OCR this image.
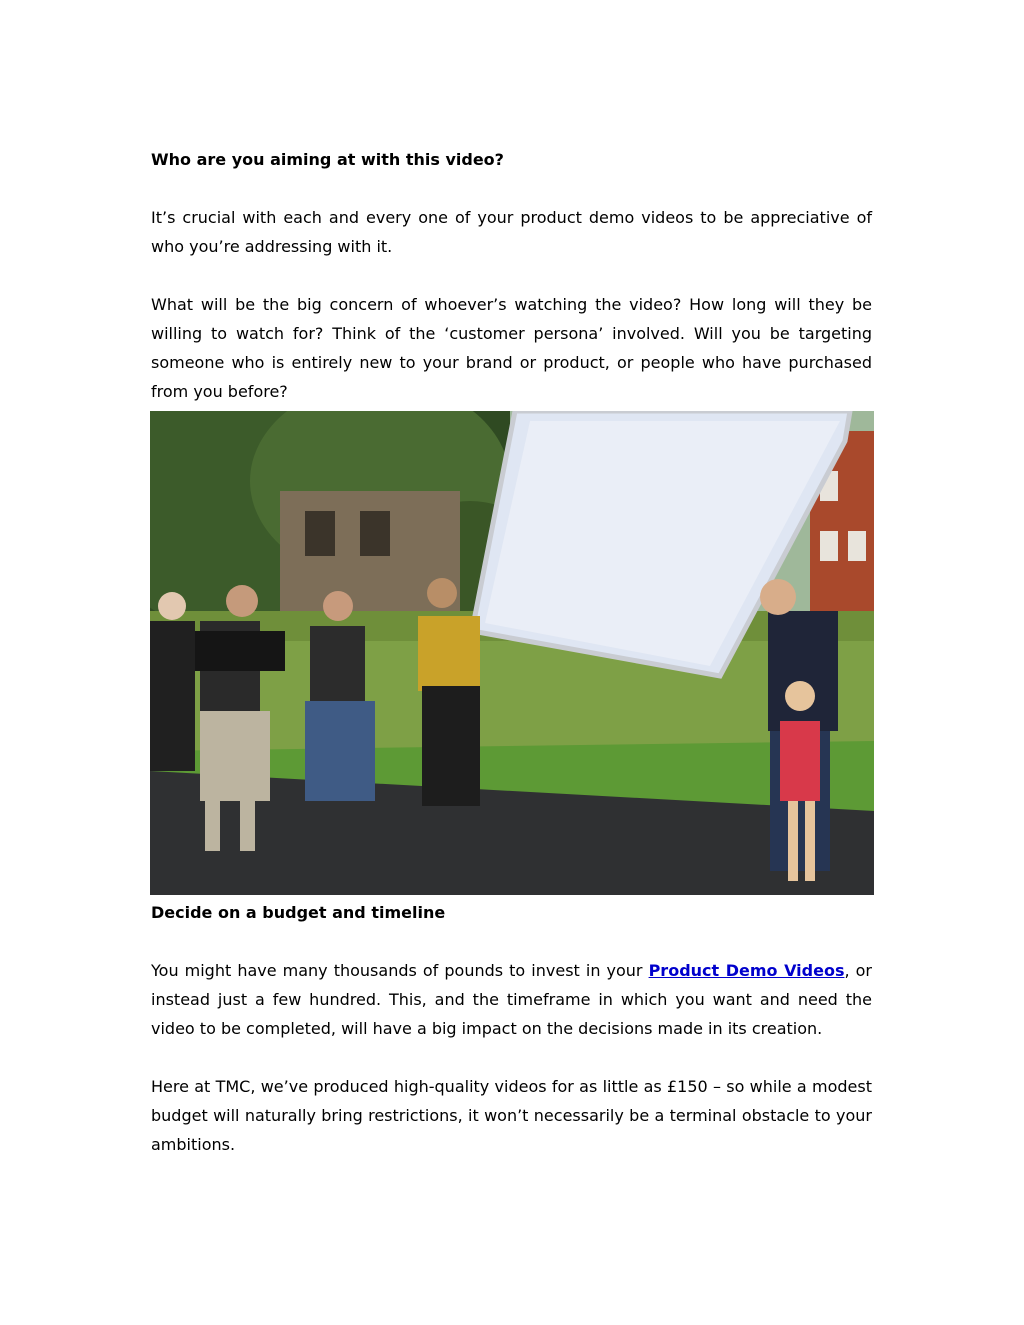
Who are you aiming at with this video?

It’s crucial with each and every one of your product demo videos to be appreciative of who you’re addressing with it.

What will be the big concern of whoever’s watching the video? How long will they be willing to watch for? Think of the ‘customer persona’ involved. Will you be targeting someone who is entirely new to your brand or product, or people who have purchased from you before?

Decide on a budget and timeline

You might have many thousands of pounds to invest in your Product Demo Videos, or instead just a few hundred. This, and the timeframe in which you want and need the video to be completed, will have a big impact on the decisions made in its creation.

Here at TMC, we’ve produced high-quality videos for as little as £150 – so while a modest budget will naturally bring restrictions, it won’t necessarily be a terminal obstacle to your ambitions.
